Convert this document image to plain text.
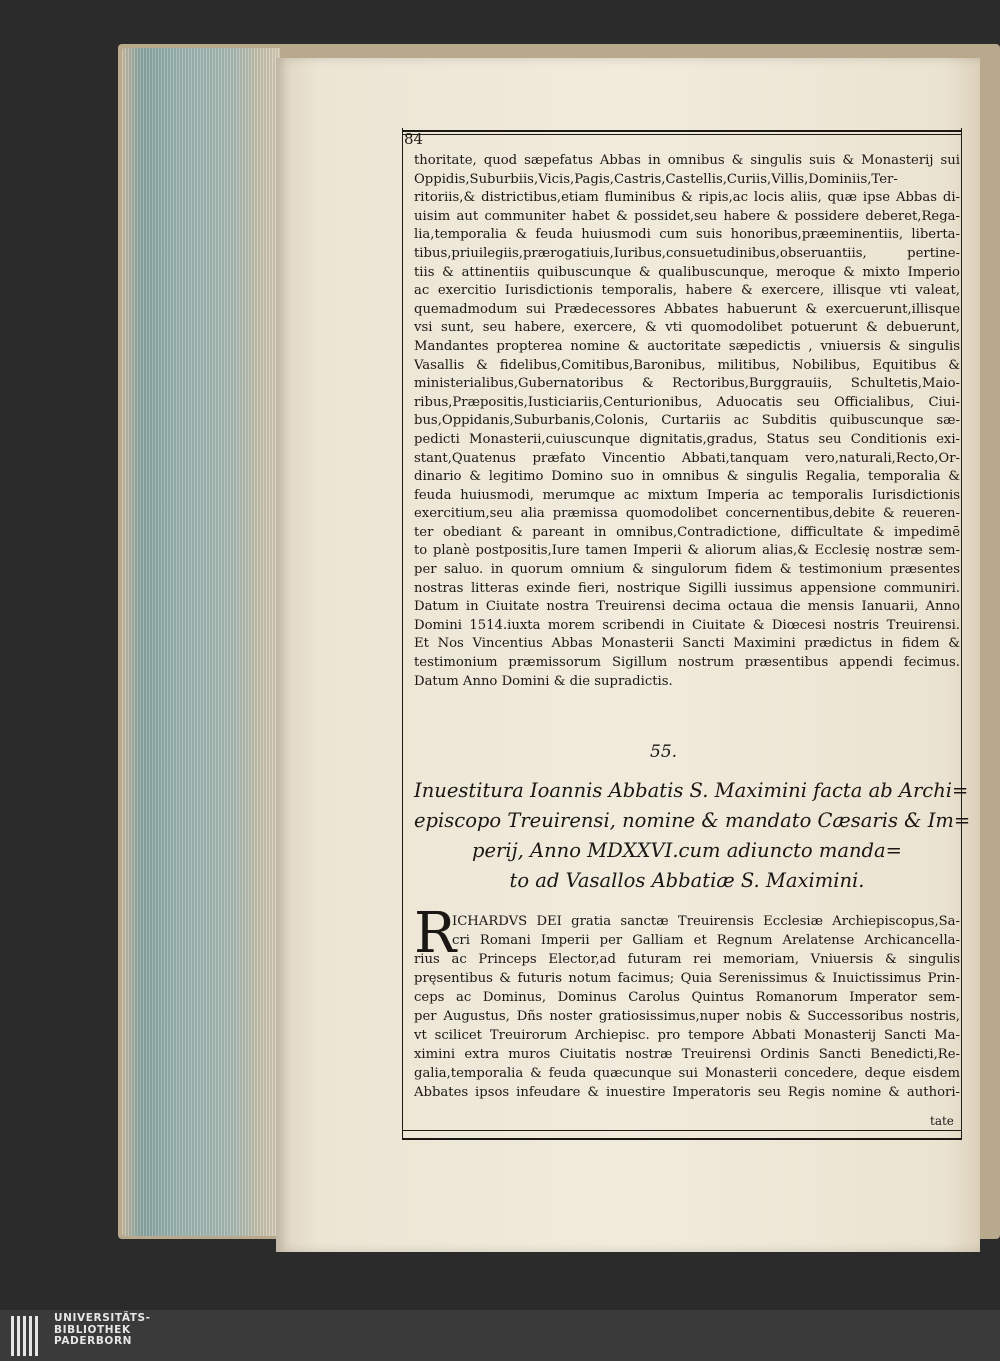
84
thoritate, quod sæpefatus Abbas in omnibus & singulis suis & Monasterij sui
Oppidis,Suburbiis,Vicis,Pagis,Castris,Castellis,Curiis,Villis,Dominiis,Ter-
ritoriis,& districtibus,etiam fluminibus & ripis,ac locis aliis, quæ ipse Abbas di-
uisim aut communiter habet & possidet,seu habere & possidere deberet,Rega-
lia,temporalia & feuda huiusmodi cum suis honoribus,præeminentiis, liberta-
tibus,priuilegiis,prærogatiuis,Iuribus,consuetudinibus,obseruantiis, pertine-
tiis & attinentiis quibuscunque & qualibuscunque, meroque & mixto Imperio
ac exercitio Iurisdictionis temporalis, habere & exercere, illisque vti valeat,
quemadmodum sui Prædecessores Abbates habuerunt & exercuerunt,illisque
vsi sunt, seu habere, exercere, & vti quomodolibet potuerunt & debuerunt,
Mandantes propterea nomine & auctoritate sæpedictis , vniuersis & singulis
Vasallis & fidelibus,Comitibus,Baronibus, militibus, Nobilibus, Equitibus &
ministerialibus,Gubernatoribus & Rectoribus,Burggrauiis, Schultetis,Maio-
ribus,Præpositis,Iusticiariis,Centurionibus, Aduocatis seu Officialibus, Ciui-
bus,Oppidanis,Suburbanis,Colonis, Curtariis ac Subditis quibuscunque sæ-
pedicti Monasterii,cuiuscunque dignitatis,gradus, Status seu Conditionis exi-
stant,Quatenus præfato Vincentio Abbati,tanquam vero,naturali,Recto,Or-
dinario & legitimo Domino suo in omnibus & singulis Regalia, temporalia &
feuda huiusmodi, merumque ac mixtum Imperia ac temporalis Iurisdictionis
exercitium,seu alia præmissa quomodolibet concernentibus,debite & reueren-
ter obediant & pareant in omnibus,Contradictione, difficultate & impedimē
to planè postpositis,Iure tamen Imperii & aliorum alias,& Ecclesię nostræ sem-
per saluo. in quorum omnium & singulorum fidem & testimonium præsentes
nostras litteras exinde fieri, nostrique Sigilli iussimus appensione communiri.
Datum in Ciuitate nostra Treuirensi decima octaua die mensis Ianuarii, Anno
Domini 1514.iuxta morem scribendi in Ciuitate & Diœcesi nostris Treuirensi.
Et Nos Vincentius Abbas Monasterii Sancti Maximini prædictus in fidem &
testimonium præmissorum Sigillum nostrum præsentibus appendi fecimus.
Datum Anno Domini & die supradictis.
55.
Inuestitura Ioannis Abbatis S. Maximini facta ab Archi=
episcopo Treuirensi, nomine & mandato Cæsaris & Im=
perij, Anno MDXXVI.cum adiuncto manda=
to ad Vasallos Abbatiæ S. Maximini.
R
ICHARDVS DEI gratia sanctæ Treuirensis Ecclesiæ Archiepiscopus,Sa-
cri Romani Imperii per Galliam et Regnum Arelatense Archicancella-
rius ac Princeps Elector,ad futuram rei memoriam, Vniuersis & singulis
pręsentibus & futuris notum facimus; Quia Serenissimus & Inuictissimus Prin-
ceps ac Dominus, Dominus Carolus Quintus Romanorum Imperator sem-
per Augustus, Dñs noster gratiosissimus,nuper nobis & Successoribus nostris,
vt scilicet Treuirorum Archiepisc. pro tempore Abbati Monasterij Sancti Ma-
ximini extra muros Ciuitatis nostræ Treuirensi Ordinis Sancti Benedicti,Re-
galia,temporalia & feuda quæcunque sui Monasterii concedere, deque eisdem
Abbates ipsos infeudare & inuestire Imperatoris seu Regis nomine & authori-
tate
UNIVERSITÄTS-
BIBLIOTHEK
PADERBORN
